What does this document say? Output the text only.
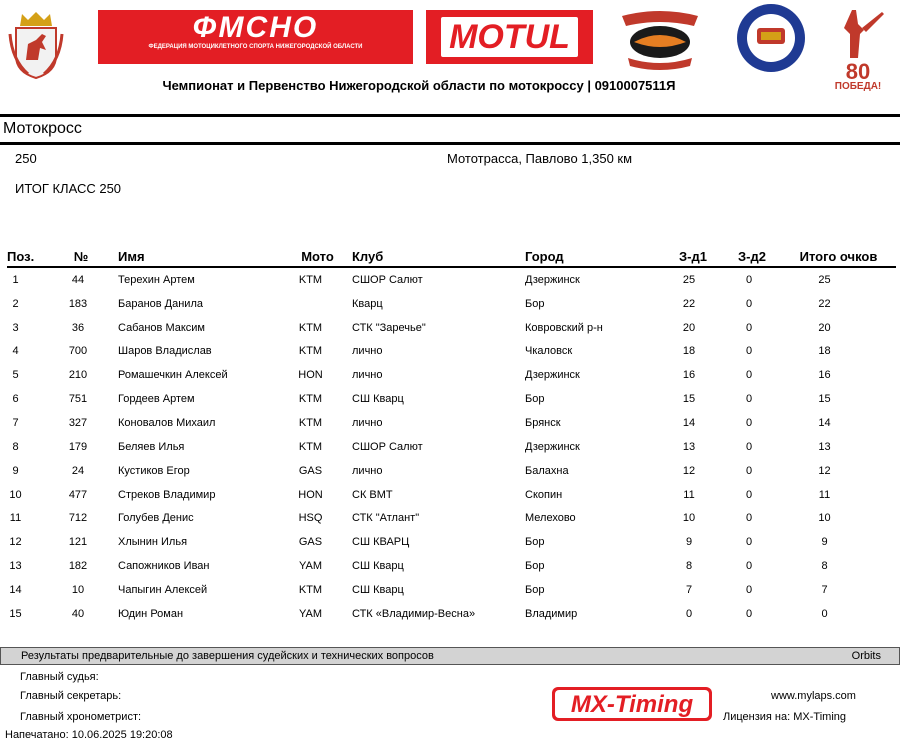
ФМСНО
ФЕДЕРАЦИЯ МОТОЦИКЛЕТНОГО СПОРТА НИЖЕГОРОДСКОЙ ОБЛАСТИ	MOTUL
80
ПОБЕДА!
Чемпионат и Первенство Нижегородской области по мотокроссу | 0910007511Я
Мотокросс
250	Мототрасса, Павлово 1,350 км
ИТОГ КЛАСС 250
Поз.	№	Имя	Мото	Клуб	Город	З-д1	З-д2	Итого очков
1	44	Терехин Артем	KTM	СШОР Салют	Дзержинск	25	0	25
2	183	Баранов Данила		Кварц	Бор	22	0	22
3	36	Сабанов Максим	KTM	СТК "Заречье"	Ковровский р-н	20	0	20
4	700	Шаров Владислав	KTM	лично	Чкаловск	18	0	18
5	210	Ромашечкин Алексей	HON	лично	Дзержинск	16	0	16
6	751	Гордеев Артем	KTM	СШ Кварц	Бор	15	0	15
7	327	Коновалов Михаил	KTM	лично	Брянск	14	0	14
8	179	Беляев Илья	KTM	СШОР Салют	Дзержинск	13	0	13
9	24	Кустиков Егор	GAS	лично	Балахна	12	0	12
10	477	Стреков Владимир	HON	СК ВМТ	Скопин	11	0	11
11	712	Голубев Денис	HSQ	СТК "Атлант"	Мелехово	10	0	10
12	121	Хлынин Илья	GAS	СШ КВАРЦ	Бор	9	0	9
13	182	Сапожников Иван	YAM	СШ Кварц	Бор	8	0	8
14	10	Чапыгин Алексей	KTM	СШ Кварц	Бор	7	0	7
15	40	Юдин Роман	YAM	СТК «Владимир-Весна»	Владимир	0	0	0
Результаты предварительные до завершения судейских и технических вопросов	Orbits
Главный судья:
Главный секретарь:
Главный хронометрист:
Напечатано: 10.06.2025 19:20:08
MX-Timing	www.mylaps.com
Лицензия на: MX-Timing
